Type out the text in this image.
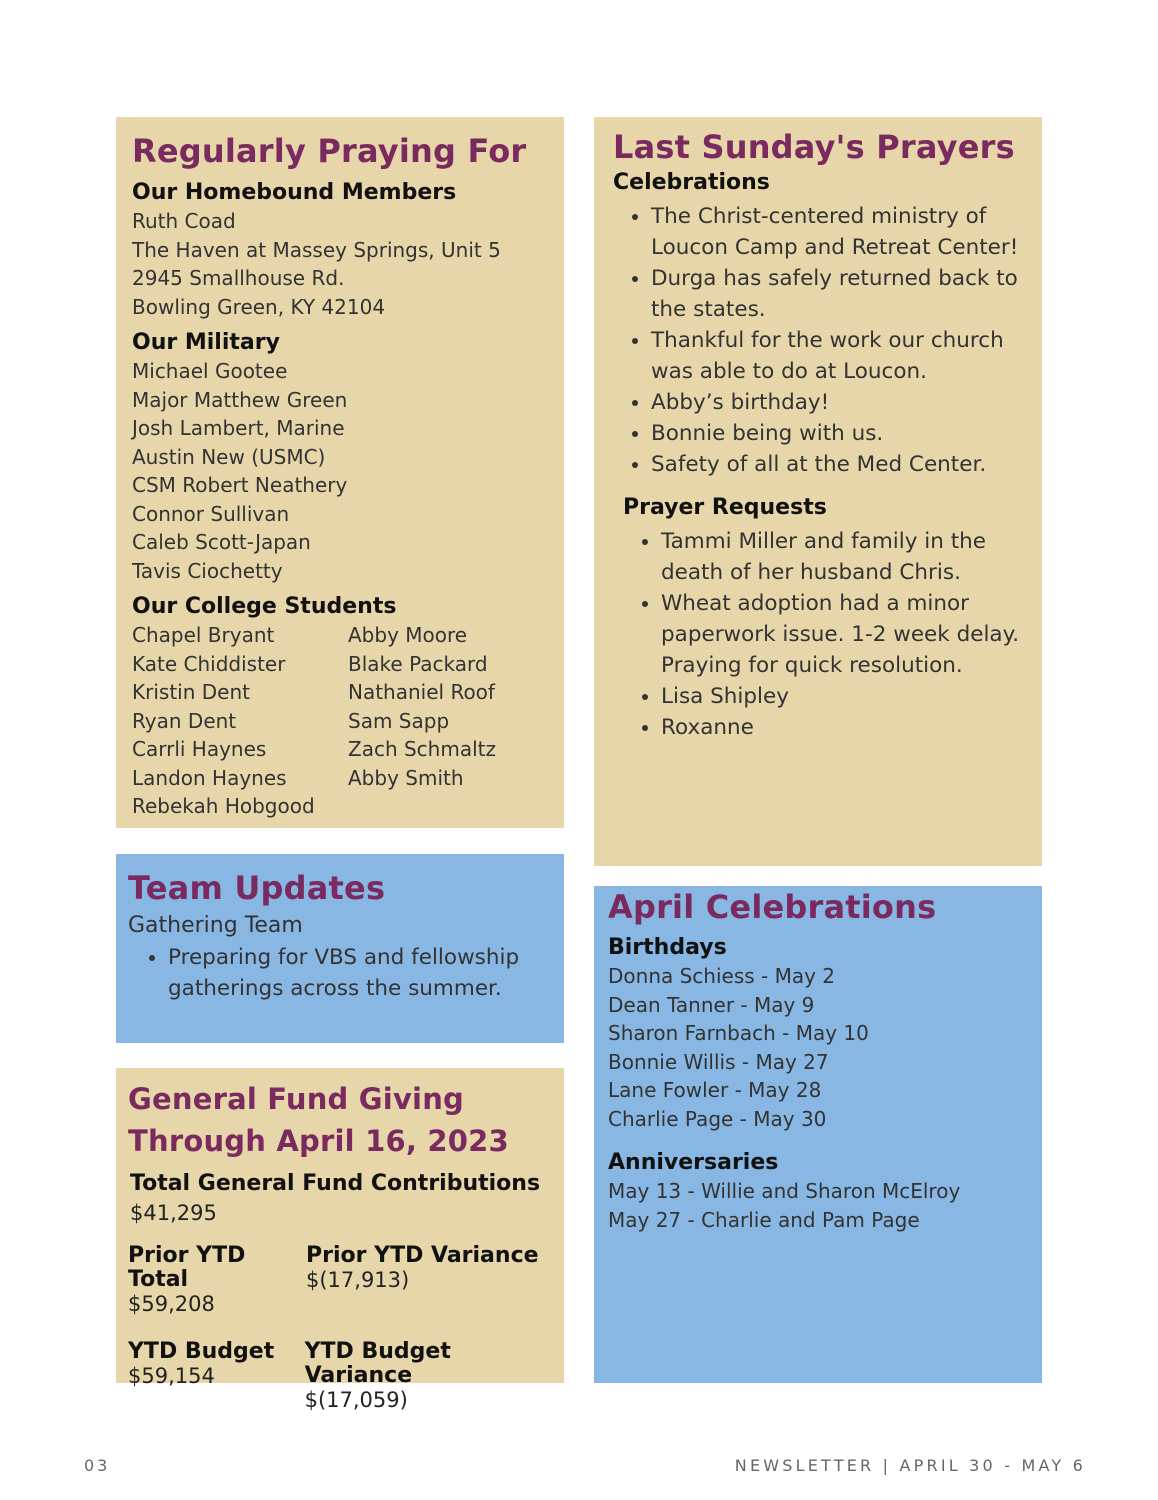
Regularly Praying For
Our Homebound Members

Ruth Coad

The Haven at Massey Springs, Unit 5

2945 Smallhouse Rd.

Bowling Green, KY 42104

Our Military

Michael Gootee

Major Matthew Green

Josh Lambert, Marine

Austin New (USMC)

CSM Robert Neathery

Connor Sullivan

Caleb Scott-Japan

Tavis Ciochetty

Our College Students

Chapel Bryant

Kate Chiddister

Kristin Dent

Ryan Dent

Carrli Haynes

Landon Haynes

Rebekah Hobgood

Abby Moore

Blake Packard

Nathaniel Roof

Sam Sapp

Zach Schmaltz

Abby Smith

Last Sunday's Prayers
Celebrations
• The Christ-centered ministry of Loucon Camp and Retreat Center!
• Durga has safely returned back to the states.
• Thankful for the work our church was able to do at Loucon.
• Abby’s birthday!
• Bonnie being with us.
• Safety of all at the Med Center.
Prayer Requests
• Tammi Miller and family in the death of her husband Chris.
• Wheat adoption had a minor paperwork issue. 1-2 week delay. Praying for quick resolution.
• Lisa Shipley
• Roxanne
Team Updates

Gathering Team

• Preparing for VBS and fellowship gatherings across the summer.
General Fund Giving
Through April 16, 2023
Total General Fund Contributions
$41,295
Prior YTD Total
$59,208
Prior YTD Variance
$(17,913)
YTD Budget
$59,154
YTD Budget Variance
$(17,059)
April Celebrations
Birthdays

Donna Schiess - May 2

Dean Tanner - May 9

Sharon Farnbach - May 10

Bonnie Willis - May 27

Lane Fowler - May 28

Charlie Page - May 30

Anniversaries

May 13 - Willie and Sharon McElroy

May 27 - Charlie and Pam Page

03	NEWSLETTER | APRIL 30 - MAY 6
